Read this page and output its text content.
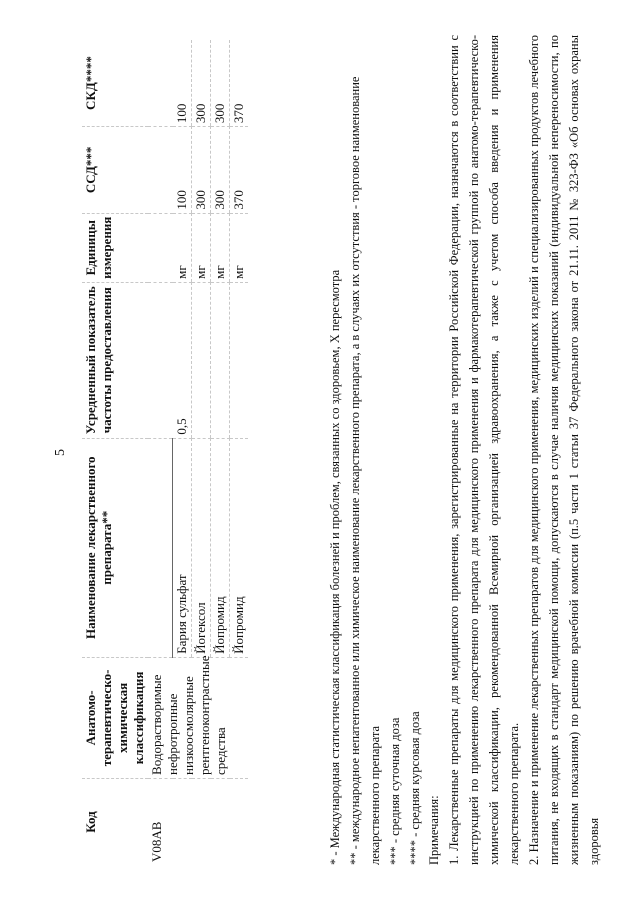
5
Код	Анатомо-терапевтическо-химическая классификация	Наименование лекарственного препарата**	Усредненный показатель частоты предоставления	Единицы измерения	ССД***	СКД****
V08AB	Водорастворимые нефротропные низкоосмолярные рентгеноконтрастные средства					
		Бария сульфат	0,5	мг	100	100
		Йогексол		мг	300	300
		Йопромид		мг	300	300
		Йопромид		мг	370	370

* - Международная статистическая классификация болезней и проблем, связанных со здоровьем, X пересмотра ** - международное непатентованное или химическое наименование лекарственного препарата, а в случаях их отсутствия - торговое наименование лекарственного препарата *** - средняя суточная доза **** - средняя курсовая доза Примечания: 1. Лекарственные препараты для медицинского применения, зарегистрированные на территории Российской Федерации, назначаются в соответствии с инструкцией по применению лекарственного препарата для медицинского применения и фармакотерапевтической группой по анатомо-терапевтическо-химической классификации, рекомендованной Всемирной организацией здравоохранения, а также с учетом способа введения и применения лекарственного препарата. 2. Назначение и применение лекарственных препаратов для медицинского применения, медицинских изделий и специализированных продуктов лечебного питания, не входящих в стандарт медицинской помощи, допускаются в случае наличия медицинских показаний (индивидуальной непереносимости, по жизненным показаниям) по решению врачебной комиссии (п.5 части 1 статьи 37 Федерального закона от 21.11. 2011 № 323-ФЗ «Об основах охраны здоровья
